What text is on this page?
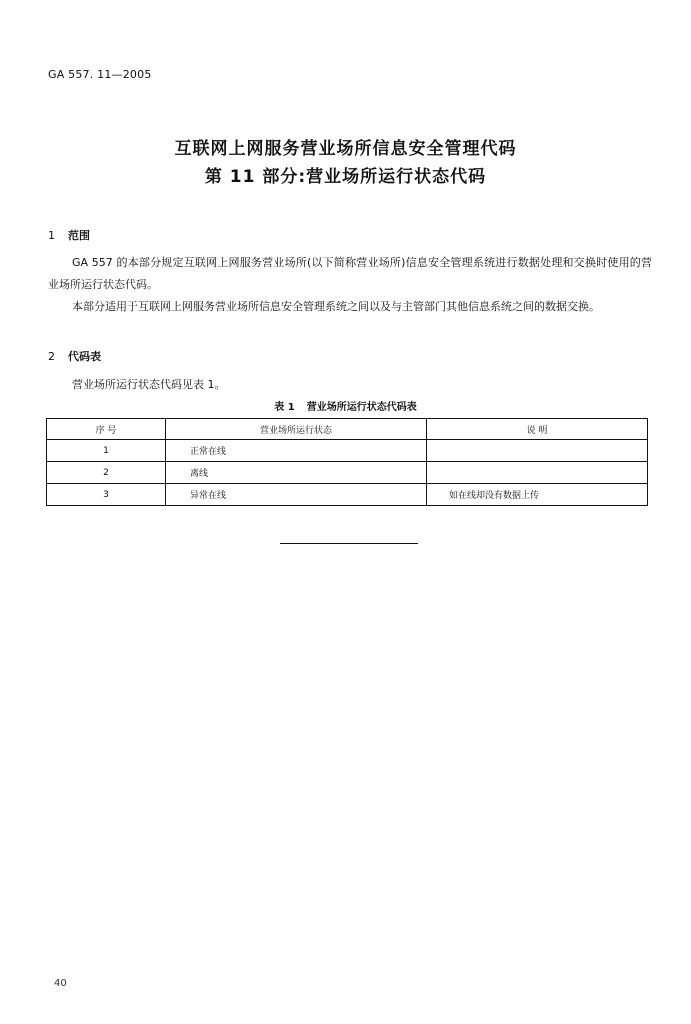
GA 557. 11—2005
互联网上网服务营业场所信息安全管理代码
第 11 部分:营业场所运行状态代码
1 范围
GA 557 的本部分规定互联网上网服务营业场所(以下简称营业场所)信息安全管理系统进行数据处理和交换时使用的营业场所运行状态代码。
本部分适用于互联网上网服务营业场所信息安全管理系统之间以及与主管部门其他信息系统之间的数据交换。
2 代码表
营业场所运行状态代码见表 1。
表 1 营业场所运行状态代码表
序 号	营业场所运行状态	说 明
1	正常在线	
2	离线	
3	异常在线	如在线却没有数据上传
40
